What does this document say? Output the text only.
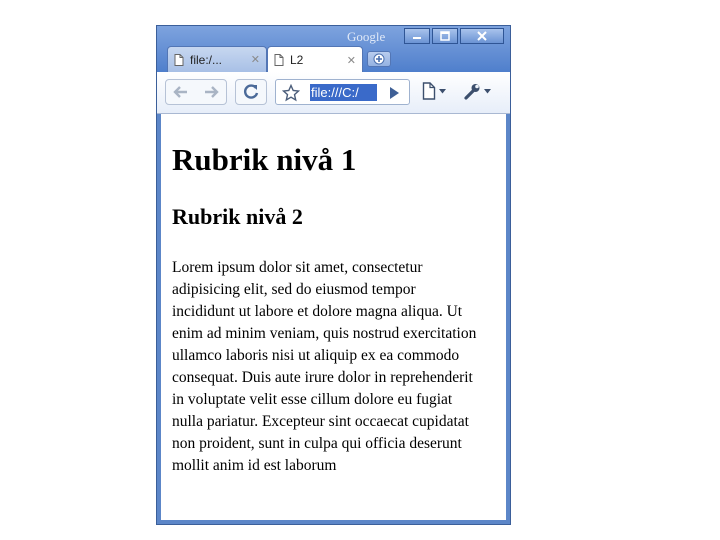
Google
file:/...	✕	L2	✕
file:///C:/
Rubrik nivå 1
Rubrik nivå 2

Lorem ipsum dolor sit amet, consectetur
adipisicing elit, sed do eiusmod tempor
incididunt ut labore et dolore magna aliqua. Ut
enim ad minim veniam, quis nostrud exercitation
ullamco laboris nisi ut aliquip ex ea commodo
consequat. Duis aute irure dolor in reprehenderit
in voluptate velit esse cillum dolore eu fugiat
nulla pariatur. Excepteur sint occaecat cupidatat
non proident, sunt in culpa qui officia deserunt
mollit anim id est laborum
